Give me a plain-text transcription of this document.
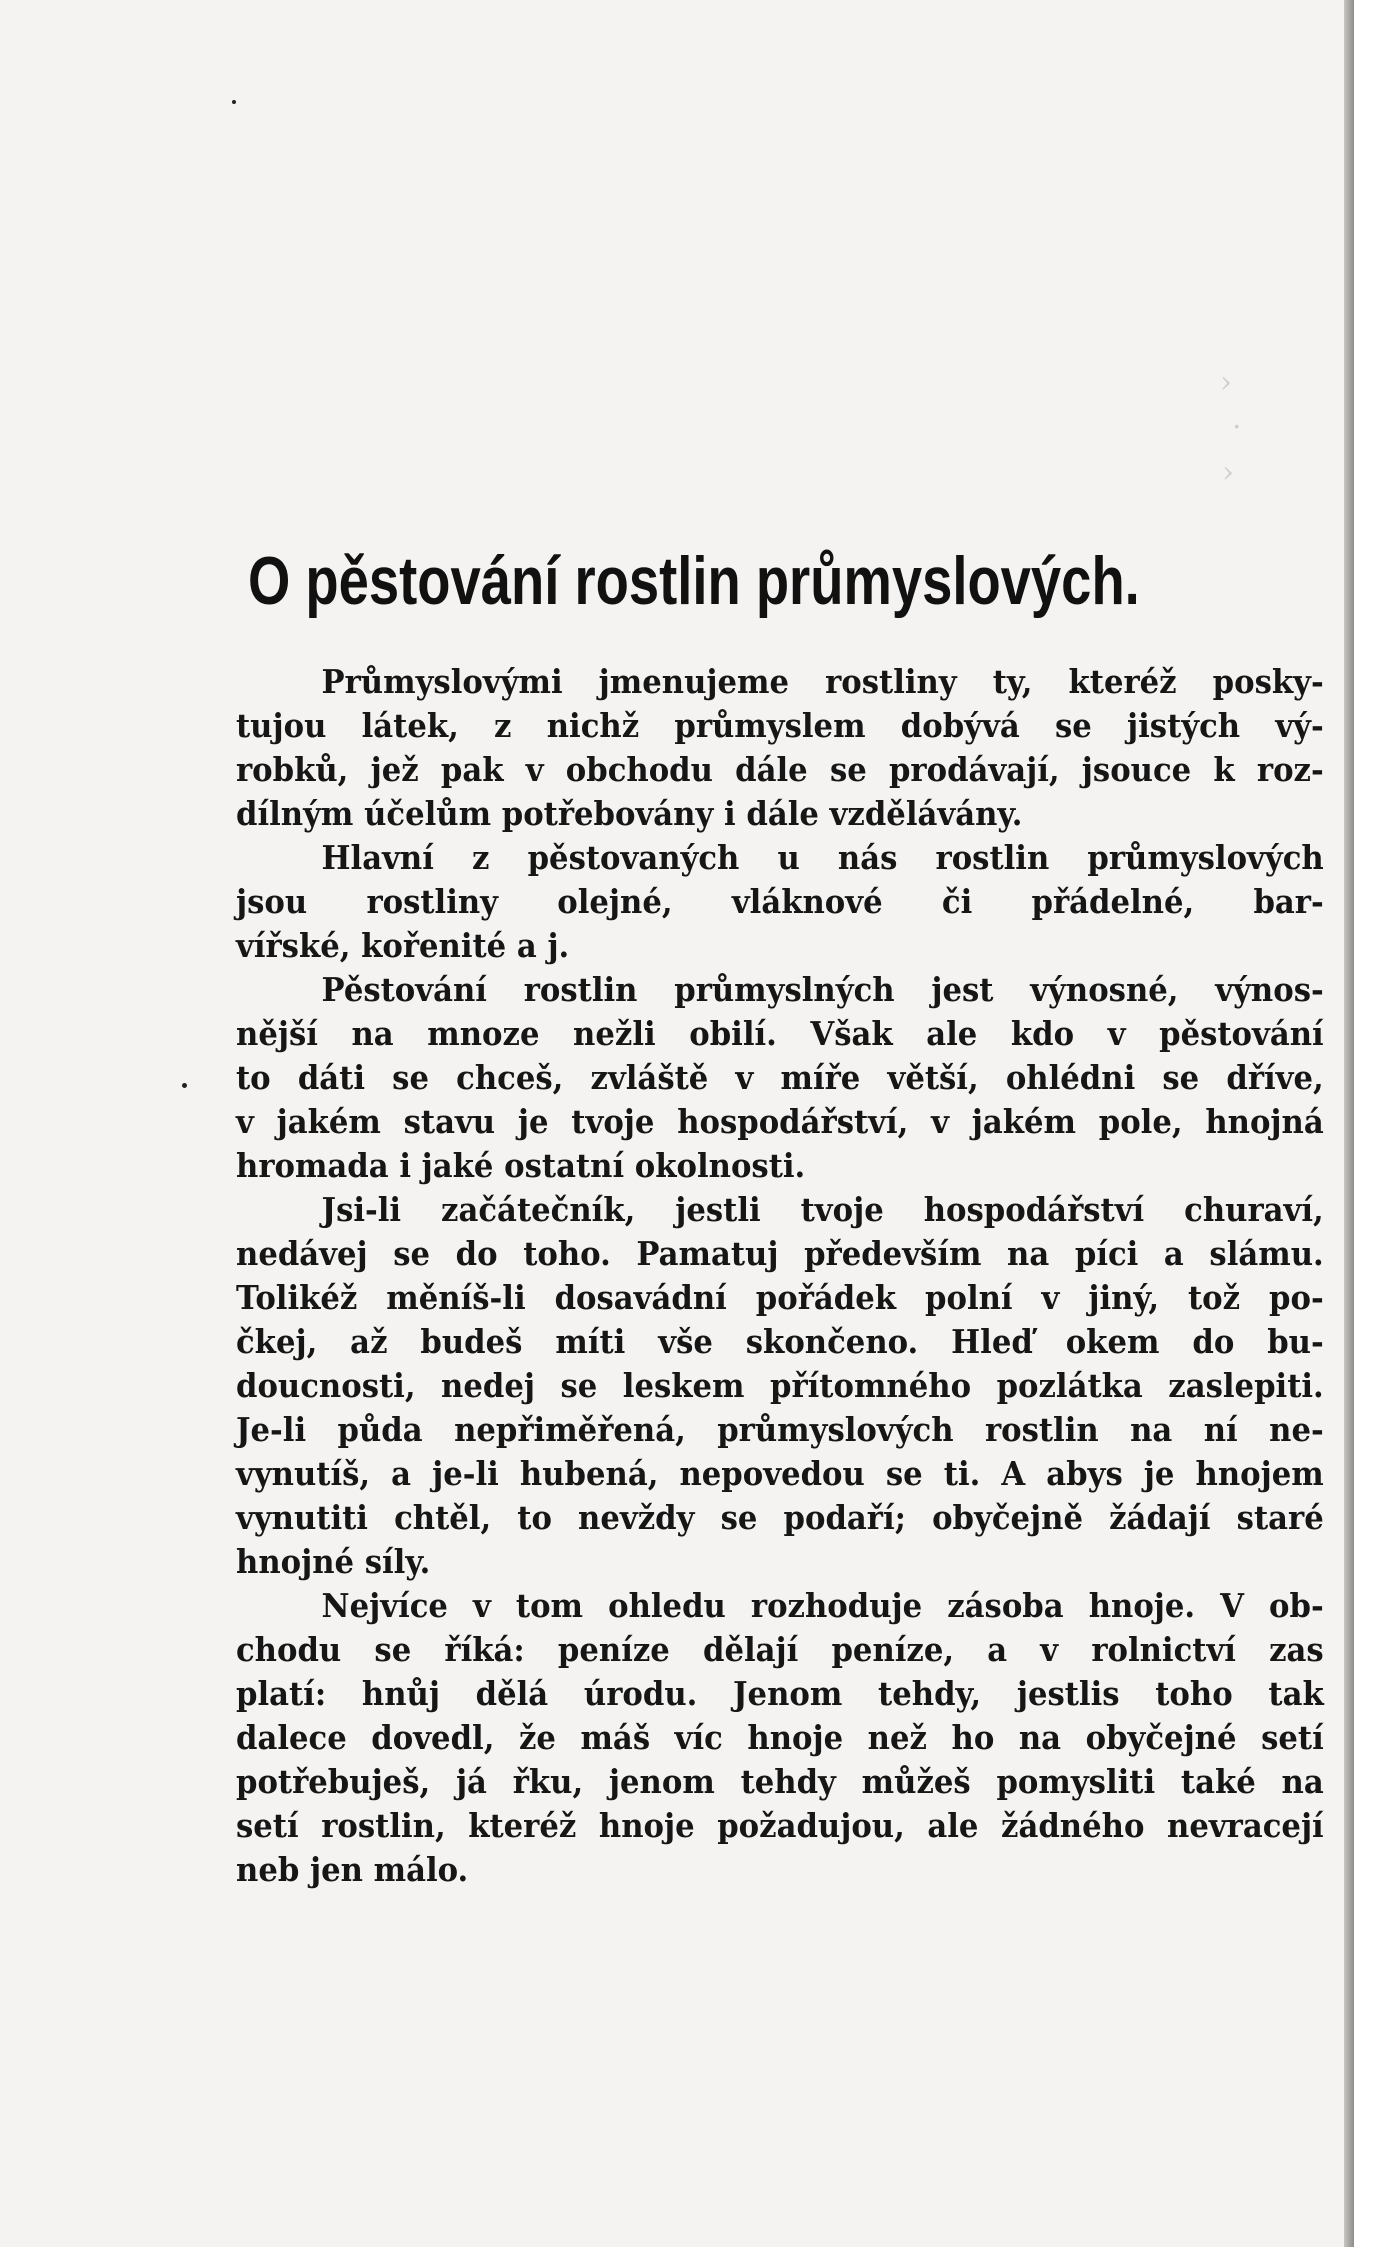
›
·
›
O pěstování rostlin průmyslových.

Průmyslovými jmenujeme rostliny ty, kteréž posky-
tujou látek, z nichž průmyslem dobývá se jistých vý-
robků, jež pak v obchodu dále se prodávají, jsouce k roz-
dílným účelům potřebovány i dále vzdělávány.

Hlavní z pěstovaných u nás rostlin průmyslových
jsou rostliny olejné, vláknové či přádelné, bar-
vířské, kořenité a j.

Pěstování rostlin průmyslných jest výnosné, výnos-
nější na mnoze nežli obilí. Však ale kdo v pěstování
to dáti se chceš, zvláště v míře větší, ohlédni se dříve,
v jakém stavu je tvoje hospodářství, v jakém pole, hnojná
hromada i jaké ostatní okolnosti.

Jsi-li začátečník, jestli tvoje hospodářství churaví,
nedávej se do toho. Pamatuj především na píci a slámu.
Tolikéž měníš-li dosavádní pořádek polní v jiný, tož po-
čkej, až budeš míti vše skončeno. Hleď okem do bu-
doucnosti, nedej se leskem přítomného pozlátka zaslepiti.
Je-li půda nepřiměřená, průmyslových rostlin na ní ne-
vynutíš, a je-li hubená, nepovedou se ti. A abys je hnojem
vynutiti chtěl, to nevždy se podaří; obyčejně žádají staré
hnojné síly.

Nejvíce v tom ohledu rozhoduje zásoba hnoje. V ob-
chodu se říká: peníze dělají peníze, a v rolnictví zas
platí: hnůj dělá úrodu. Jenom tehdy, jestlis toho tak
dalece dovedl, že máš víc hnoje než ho na obyčejné setí
potřebuješ, já řku, jenom tehdy můžeš pomysliti také na
setí rostlin, kteréž hnoje požadujou, ale žádného nevracejí
neb jen málo.
